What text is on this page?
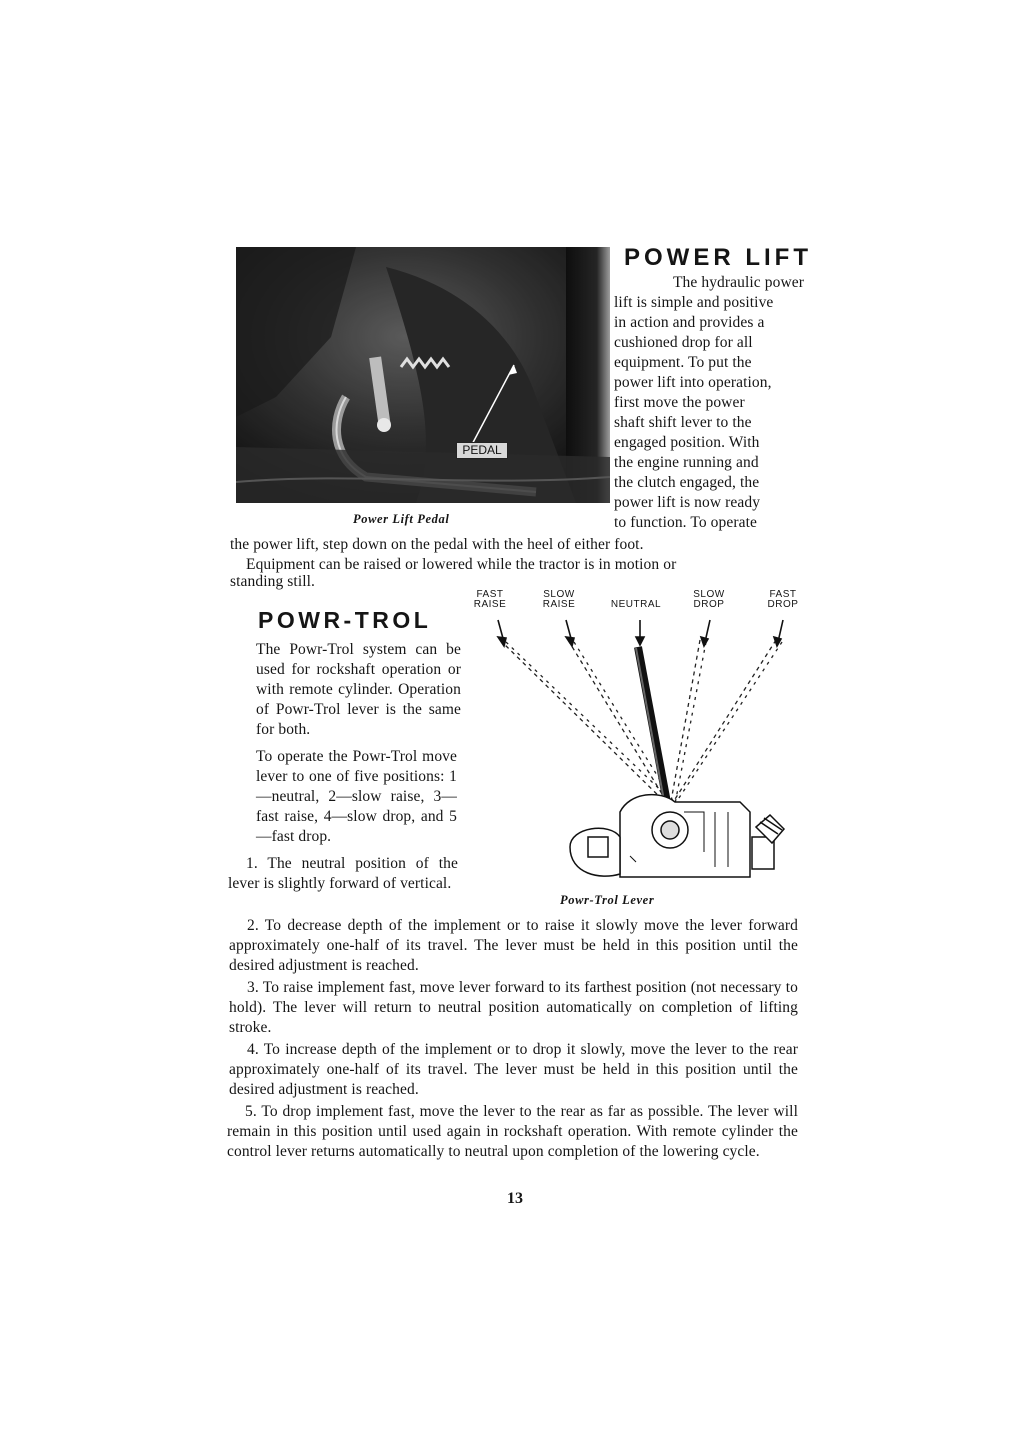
PEDAL

Power Lift Pedal

POWER LIFT

The hydraulic power

lift is simple and positive

in action and provides a

cushioned drop for all

equipment. To put the

power lift into operation,

first move the power

shaft shift lever to the

engaged position. With

the engine running and

the clutch engaged, the

power lift is now ready

to function. To operate

the power lift, step down on the pedal with the heel of either foot.

Equipment can be raised or lowered while the tractor is in motion or

standing still.

POWR-TROL

The Powr-Trol system can be used for rockshaft operation or with remote cylinder. Operation of Powr-Trol lever is the same for both.

To operate the Powr-Trol move lever to one of five positions: 1—neutral, 2—slow raise, 3—fast raise, 4—slow drop, and 5—fast drop.

1. The neutral position of the lever is slightly forward of vertical.

FAST
RAISE
SLOW
RAISE
	NEUTRAL
SLOW
DROP
FAST
DROP

Powr-Trol Lever

2. To decrease depth of the implement or to raise it slowly move the lever forward approximately one-half of its travel. The lever must be held in this position until the desired adjustment is reached.

3. To raise implement fast, move lever forward to its farthest position (not necessary to hold). The lever will return to neutral position automatically on completion of lifting stroke.

4. To increase depth of the implement or to drop it slowly, move the lever to the rear approximately one-half of its travel. The lever must be held in this position until the desired adjustment is reached.

5. To drop implement fast, move the lever to the rear as far as possible. The lever will remain in this position until used again in rockshaft operation. With remote cylinder the control lever returns automatically to neutral upon completion of the lowering cycle.

13
